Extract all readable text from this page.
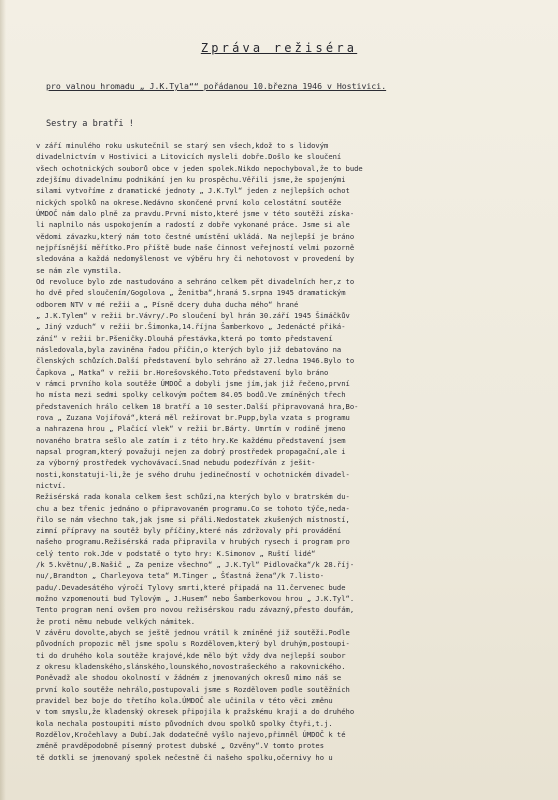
Zpráva režiséra
pro valnou hromadu „ J.K.Tyla““ pořádanou 10.března 1946 v Hostivici.
Sestry a bratři !
v září minulého roku uskutečnil se starý sen všech,kdož to s lidovým
divadelnictvím v Hostivici a Litovicích mysleli dobře.Došlo ke sloučení
všech ochotnických souborů obce v jeden spolek.Nikdo nepochyboval,že to bude
zdejšímu divadelnímu podnikání jen ku prospěchu.Věřili jsme,že spojenými
silami vytvoříme z dramatické jednoty „ J.K.Tyl“ jeden z nejlepších ochot
nických spolků na okrese.Nedávno skončené první kolo celostátní soutěže
ÚMDOČ nám dalo plně za pravdu.První místo,které jsme v této soutěži získa-
li naplnilo nás uspokojením a radostí z dobře vykonané práce. Jsme si ale
vědomi závazku,který nám toto čestné umístění ukládá. Na nejlepší je bráno
nejpřísnější měřítko.Pro příště bude naše činnost veřejností velmi pozorně
sledována a každá nedomyšlenost ve výběru hry či nehotovost v provedení by
se nám zle vymstila.
Od revoluce bylo zde nastudováno a sehráno celkem pět divadelních her,z to
ho dvě před sloučením/Gogolova „ Ženitba“,hraná 5.srpna 1945 dramatickým
odborem NTV v mé režii a „ Písně dcery duha ducha mého“ hrané
„ J.K.Tylem“ v režii br.Vávry/.Po sloučení byl hrán 30.září 1945 Šimáčkův
„ Jiný vzduch“ v režii br.Šimonka,14.října Šamberkovo „ Jedenácté přiká-
zání“ v režii br.Pšeničky.Dlouhá přestávka,která po tomto představení
následovala,byla zaviněna řadou příčin,o kterých bylo již debatováno na
členských schůzích.Další představení bylo sehráno až 27.ledna 1946.Bylo to
Čapkova „ Matka“ v režii br.Horešovského.Toto představení bylo bráno
v rámci prvního kola soutěže ÚMDOČ a dobyli jsme jím,jak již řečeno,první
ho místa mezi sedmi spolky celkovým počtem 84.05 bodů.Ve zmíněných třech
představeních hrálo celkem 18 bratří a 10 sester.Další připravovaná hra,Bo-
rova „ Zuzana Vojířová“,která měl režírovat br.Pupp,byla vzata s programu
a nahrazena hrou „ Plačící vlek“ v režii br.Bárty. Umrtím v rodině jmeno
novaného bratra sešlo ale zatím i z této hry.Ke každému představení jsem
napsal program,který považuji nejen za dobrý prostředek propagační,ale i
za výborný prostředek vychovávací.Snad nebudu podezříván z ješit-
nosti,konstatuji-li,že je svého druhu jedinečností v ochotnickém divadel-
nictví.
Režisérská rada konala celkem šest schůzí,na kterých bylo v bratrském du-
chu a bez třenic jednáno o připravovaném programu.Co se tohoto týče,neda-
řilo se nám všechno tak,jak jsme si přáli.Nedostatek zkušených místností,
zimní přípravy na soutěž byly příčiny,které nás zdržovaly při provádění
našeho programu.Režisérská rada připravila v hrubých rysech i program pro
celý tento rok.Jde v podstatě o tyto hry: K.Simonov „ Ruští lidé“
/k 5.květnu/,B.Našič „ Za penize všechno“ „ J.K.Tyl“ Pidlovačka“/k 28.říj-
nu/,Brandton „ Charleyova teta“ M.Tinger „ Šťastná žena“/k 7.listo-
padu/.Devadesátého výročí Tylovy smrti,které připadá na 11.červenec bude
možno vzpomenouti bud Tylovým „ J.Husem“ nebo Šamberkovou hrou „ J.K.Tyl“.
Tento program není ovšem pro novou režisérskou radu závazný,přesto doufám,
že proti němu nebude velkých námitek.
V závěru dovolte,abych se ještě jednou vrátil k zmíněné již soutěži.Podle
původních propozic měl jsme spolu s Rozdělovem,který byl druhým,postoupi-
ti do druhého kola soutěže krajové,kde mělo být vždy dva nejlepší soubor
z okresu kladenského,slánského,lounského,novostrašeckého a rakovnického.
Poněvadž ale shodou okolností v žádném z jmenovaných okresů mimo náš se
první kolo soutěže nehrálo,postupovali jsme s Rozdělovem podle soutěžních
pravidel bez boje do třetího kola.ÚMDOČ ale učinila v této věci změnu
v tom smyslu,že kladenský okresek připojila k pražskému kraji a do druhého
kola nechala postoupiti místo původních dvou spolků spolky čtyři,t.j.
Rozdělov,Kročehlavy a Dubí.Jak dodatečně vyšlo najevo,přimněl ÚMDOČ k té
změně pravděpodobně písemný protest dubské „ Ozvěny“.V tomto protes
tě dotkli se jmenovaný spolek nečestně či našeho spolku,očernivy ho u
